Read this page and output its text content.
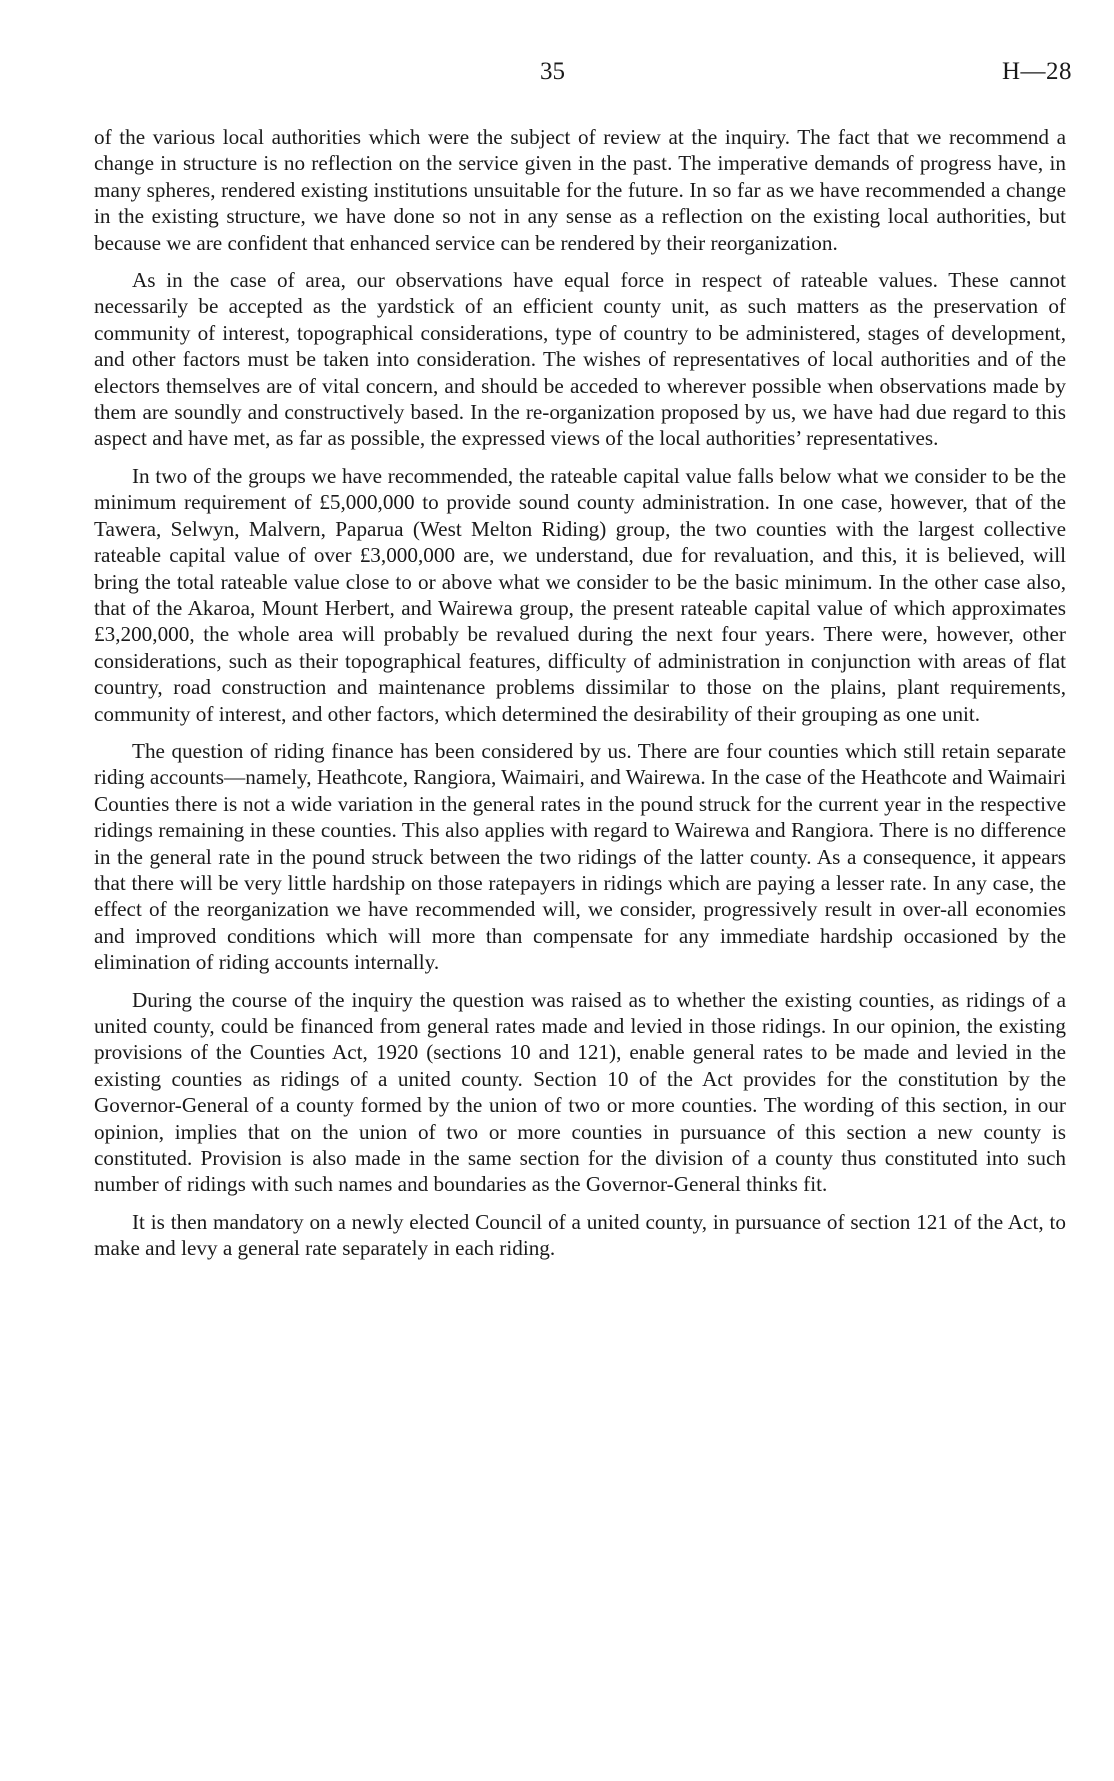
35	H—28

of the various local authorities which were the subject of review at the inquiry. The fact that we recommend a change in structure is no reflection on the service given in the past. The imperative demands of progress have, in many spheres, rendered existing institutions unsuitable for the future. In so far as we have recommended a change in the existing structure, we have done so not in any sense as a reflection on the existing local authorities, but because we are confident that enhanced service can be rendered by their reorganization.

As in the case of area, our observations have equal force in respect of rateable values. These cannot necessarily be accepted as the yardstick of an efficient county unit, as such matters as the preservation of community of interest, topographical considerations, type of country to be administered, stages of development, and other factors must be taken into consideration. The wishes of representatives of local authorities and of the electors themselves are of vital concern, and should be acceded to wherever possible when observations made by them are soundly and constructively based. In the re-organization proposed by us, we have had due regard to this aspect and have met, as far as possible, the expressed views of the local authorities’ representatives.

In two of the groups we have recommended, the rateable capital value falls below what we consider to be the minimum requirement of £5,000,000 to provide sound county administration. In one case, however, that of the Tawera, Selwyn, Malvern, Paparua (West Melton Riding) group, the two counties with the largest collective rateable capital value of over £3,000,000 are, we understand, due for revaluation, and this, it is believed, will bring the total rateable value close to or above what we consider to be the basic minimum. In the other case also, that of the Akaroa, Mount Herbert, and Wairewa group, the present rateable capital value of which approximates £3,200,000, the whole area will probably be revalued during the next four years. There were, however, other considerations, such as their topographical features, difficulty of administration in conjunction with areas of flat country, road construction and maintenance problems dissimilar to those on the plains, plant requirements, community of interest, and other factors, which determined the desirability of their grouping as one unit.

The question of riding finance has been considered by us. There are four counties which still retain separate riding accounts—namely, Heathcote, Rangiora, Waimairi, and Wairewa. In the case of the Heathcote and Waimairi Counties there is not a wide variation in the general rates in the pound struck for the current year in the respective ridings remaining in these counties. This also applies with regard to Wairewa and Rangiora. There is no difference in the general rate in the pound struck between the two ridings of the latter county. As a consequence, it appears that there will be very little hardship on those ratepayers in ridings which are paying a lesser rate. In any case, the effect of the reorganization we have recommended will, we consider, progressively result in over-all economies and improved conditions which will more than compensate for any immediate hardship occasioned by the elimination of riding accounts internally.

During the course of the inquiry the question was raised as to whether the existing counties, as ridings of a united county, could be financed from general rates made and levied in those ridings. In our opinion, the existing provisions of the Counties Act, 1920 (sections 10 and 121), enable general rates to be made and levied in the existing counties as ridings of a united county. Section 10 of the Act provides for the constitution by the Governor-General of a county formed by the union of two or more counties. The wording of this section, in our opinion, implies that on the union of two or more counties in pursuance of this section a new county is constituted. Provision is also made in the same section for the division of a county thus constituted into such number of ridings with such names and boundaries as the Governor-General thinks fit.

It is then mandatory on a newly elected Council of a united county, in pursuance of section 121 of the Act, to make and levy a general rate separately in each riding.
